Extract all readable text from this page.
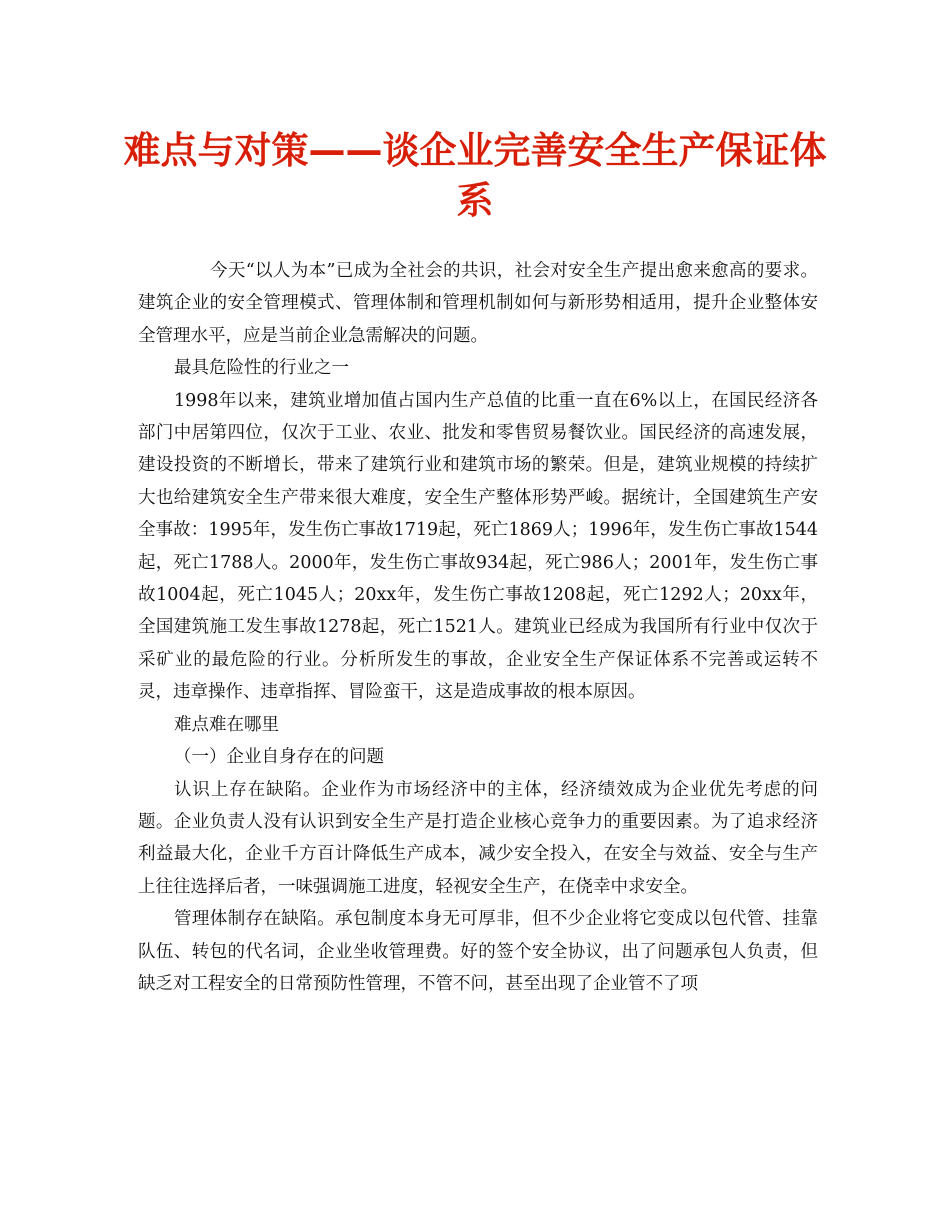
难点与对策——谈企业完善安全生产保证体系

今天“以人为本”已成为全社会的共识，社会对安全生产提出愈来愈高的要求。建筑企业的安全管理模式、管理体制和管理机制如何与新形势相适用，提升企业整体安全管理水平，应是当前企业急需解决的问题。

最具危险性的行业之一

1998年以来，建筑业增加值占国内生产总值的比重一直在6%以上，在国民经济各部门中居第四位，仅次于工业、农业、批发和零售贸易餐饮业。国民经济的高速发展，建设投资的不断增长，带来了建筑行业和建筑市场的繁荣。但是，建筑业规模的持续扩大也给建筑安全生产带来很大难度，安全生产整体形势严峻。据统计，全国建筑生产安全事故：1995年，发生伤亡事故1719起，死亡1869人；1996年，发生伤亡事故1544起，死亡1788人。2000年，发生伤亡事故934起，死亡986人；2001年，发生伤亡事故1004起，死亡1045人；20xx年，发生伤亡事故1208起，死亡1292人；20xx年，全国建筑施工发生事故1278起，死亡1521人。建筑业已经成为我国所有行业中仅次于采矿业的最危险的行业。分析所发生的事故，企业安全生产保证体系不完善或运转不灵，违章操作、违章指挥、冒险蛮干，这是造成事故的根本原因。

难点难在哪里

（一）企业自身存在的问题

认识上存在缺陷。企业作为市场经济中的主体，经济绩效成为企业优先考虑的问题。企业负责人没有认识到安全生产是打造企业核心竞争力的重要因素。为了追求经济利益最大化，企业千方百计降低生产成本，减少安全投入，在安全与效益、安全与生产上往往选择后者，一味强调施工进度，轻视安全生产，在侥幸中求安全。

管理体制存在缺陷。承包制度本身无可厚非，但不少企业将它变成以包代管、挂靠队伍、转包的代名词，企业坐收管理费。好的签个安全协议，出了问题承包人负责，但缺乏对工程安全的日常预防性管理，不管不问，甚至出现了企业管不了项
